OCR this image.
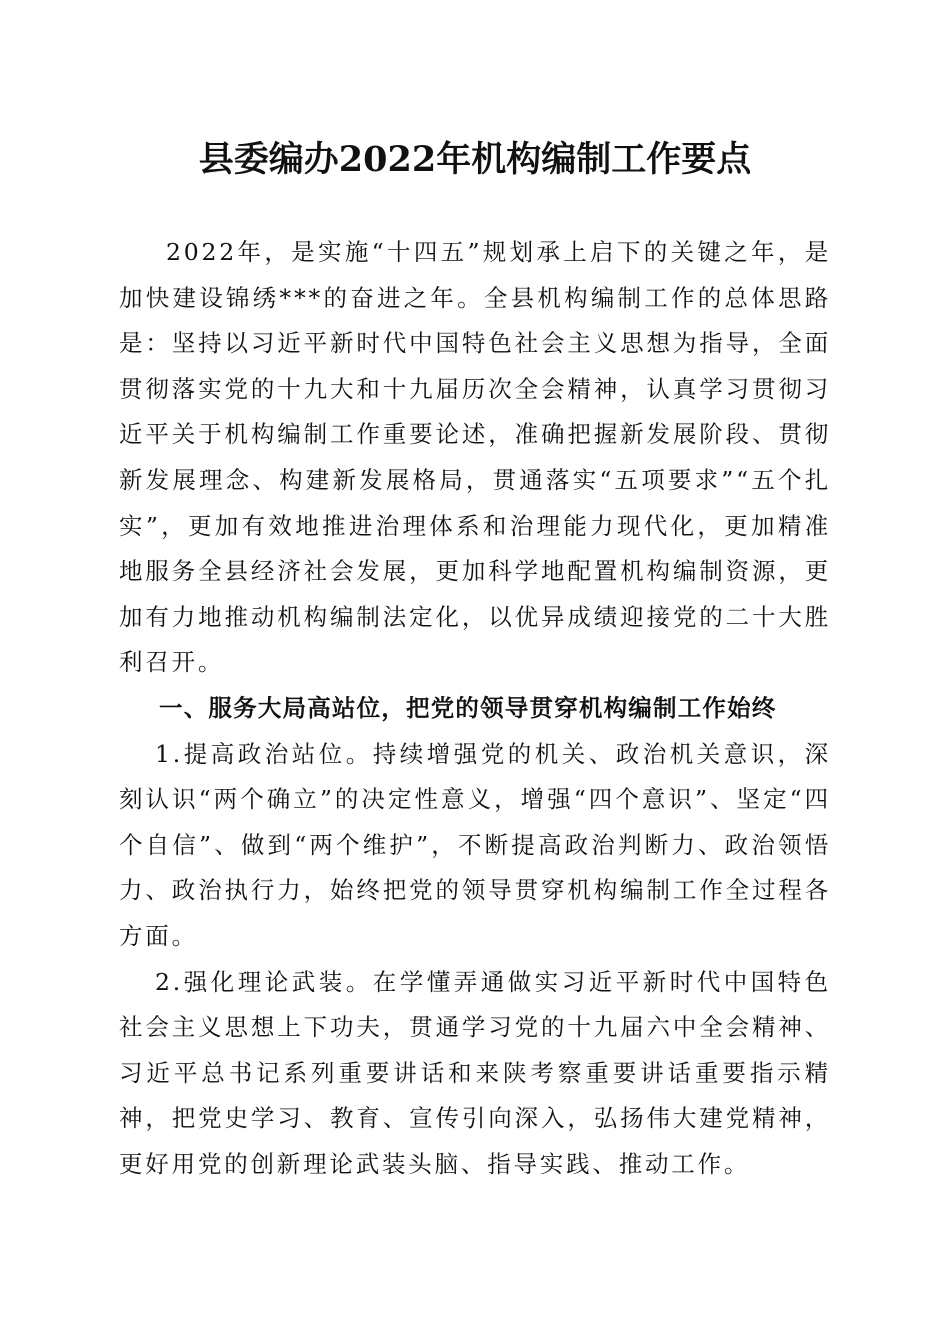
县委编办2022年机构编制工作要点

2022年，是实施“十四五”规划承上启下的关键之年，是加快建设锦绣***的奋进之年。全县机构编制工作的总体思路是：坚持以习近平新时代中国特色社会主义思想为指导，全面贯彻落实党的十九大和十九届历次全会精神，认真学习贯彻习近平关于机构编制工作重要论述，准确把握新发展阶段、贯彻新发展理念、构建新发展格局，贯通落实“五项要求”“五个扎实”，更加有效地推进治理体系和治理能力现代化，更加精准地服务全县经济社会发展，更加科学地配置机构编制资源，更加有力地推动机构编制法定化，以优异成绩迎接党的二十大胜利召开。

一、服务大局高站位，把党的领导贯穿机构编制工作始终

1.提高政治站位。持续增强党的机关、政治机关意识，深刻认识“两个确立”的决定性意义，增强“四个意识”、坚定“四个自信”、做到“两个维护”，不断提高政治判断力、政治领悟力、政治执行力，始终把党的领导贯穿机构编制工作全过程各方面。

2.强化理论武装。在学懂弄通做实习近平新时代中国特色社会主义思想上下功夫，贯通学习党的十九届六中全会精神、习近平总书记系列重要讲话和来陕考察重要讲话重要指示精神，把党史学习、教育、宣传引向深入，弘扬伟大建党精神，更好用党的创新理论武装头脑、指导实践、推动工作。
